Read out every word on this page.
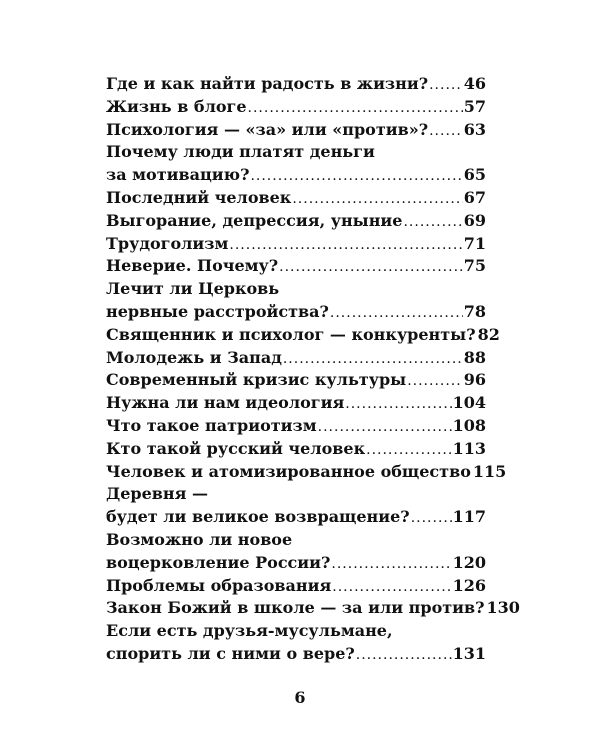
Где и как найти радость в жизни? ..... 46
Жизнь в блоге .....	57
Психология — «за» или «против»? ..... 63
Почему люди платят деньги
за мотивацию? .....	65
Последний человек .....	67
Выгорание, депрессия, уныние .....	69
Трудоголизм .....	71
Неверие. Почему? .....	75
Лечит ли Церковь
нервные расстройства? .....	78
Священник и психолог — конкуренты? 82
Молодежь и Запад .....	88
Современный кризис культуры .....	96
Нужна ли нам идеология .....	104
Что такое патриотизм .....	108
Кто такой русский человек .....	113
Человек и атомизированное общество 115
Деревня —
будет ли великое возвращение? .....	117
Возможно ли новое
воцерковление России? .....	120
Проблемы образования .....	126
Закон Божий в школе — за или против? 130
Если есть друзья-мусульмане,
спорить ли с ними о вере? .....	131
6
